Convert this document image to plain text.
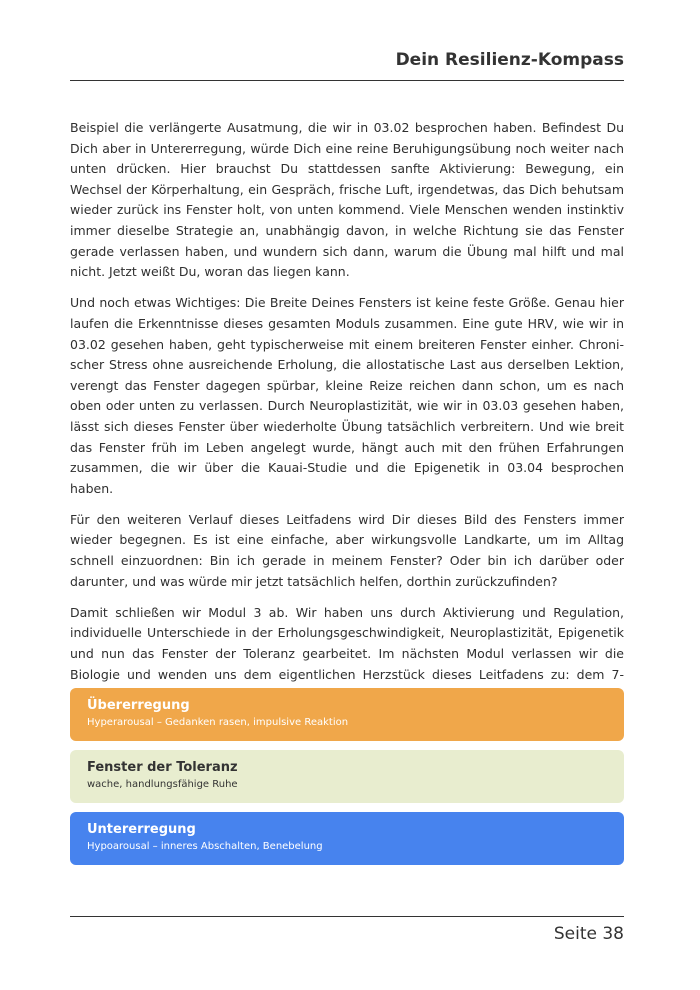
Dein Resilienz-Kompass

Beispiel die verlängerte Ausatmung, die wir in 03.02 besprochen haben. Befindest Du Dich aber in Untererregung, würde Dich eine reine Beruhigungsübung noch weiter nach unten drücken. Hier brauchst Du stattdessen sanfte Aktivierung: Bewegung, ein Wechsel der Körperhaltung, ein Gespräch, frische Luft, irgendetwas, das Dich behutsam wieder zurück ins Fenster holt, von unten kommend. Viele Menschen wenden instinktiv immer dieselbe Strategie an, unabhängig davon, in welche Richtung sie das Fenster gerade verlassen haben, und wundern sich dann, warum die Übung mal hilft und mal nicht. Jetzt weißt Du, woran das liegen kann.

Und noch etwas Wichtiges: Die Breite Deines Fensters ist keine feste Größe. Genau hier laufen die Erkenntnisse dieses gesamten Moduls zusammen. Eine gute HRV, wie wir in 03.02 gesehen haben, geht typischerweise mit einem breiteren Fenster einher. Chronischer Stress ohne ausreichende Erholung, die allostatische Last aus derselben Lektion, verengt das Fenster dagegen spürbar, kleine Reize reichen dann schon, um es nach oben oder unten zu verlassen. Durch Neuroplastizität, wie wir in 03.03 gesehen haben, lässt sich dieses Fenster über wiederholte Übung tatsächlich verbreitern. Und wie breit das Fenster früh im Leben angelegt wurde, hängt auch mit den frühen Erfahrungen zusammen, die wir über die Kauai-Studie und die Epigenetik in 03.04 besprochen haben.

Für den weiteren Verlauf dieses Leitfadens wird Dir dieses Bild des Fensters immer wieder begegnen. Es ist eine einfache, aber wirkungsvolle Landkarte, um im Alltag schnell einzuordnen: Bin ich gerade in meinem Fenster? Oder bin ich darüber oder darunter, und was würde mir jetzt tatsächlich helfen, dorthin zurückzufinden?

Damit schließen wir Modul 3 ab. Wir haben uns durch Aktivierung und Regulation, individuelle Unterschiede in der Erholungsgeschwindigkeit, Neuroplastizität, Epigenetik und nun das Fenster der Toleranz gearbeitet. Im nächsten Modul verlassen wir die Biologie und wenden uns dem eigentlichen Herzstück dieses Leitfadens zu: dem 7-

Übererregung
Hyperarousal – Gedanken rasen, impulsive Reaktion
Fenster der Toleranz
wache, handlungsfähige Ruhe
Untererregung
Hypoarousal – inneres Abschalten, Benebelung
Seite 38
